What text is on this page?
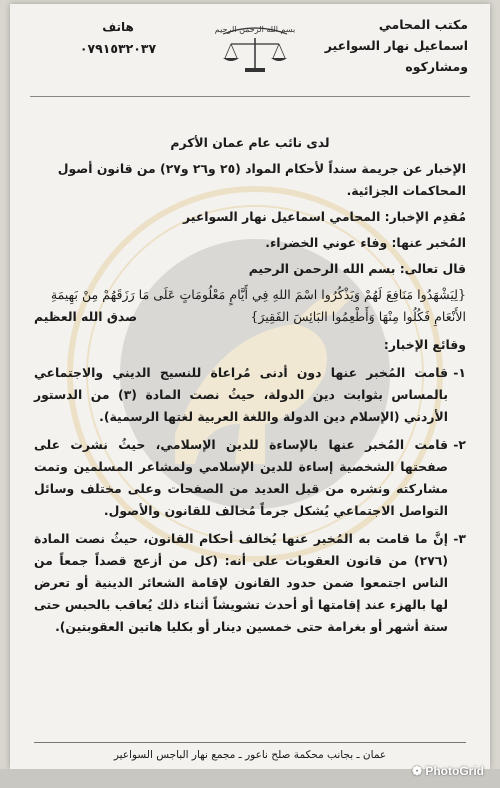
مكتب المحامي
اسماعيل نهار السواعير
ومشاركوه
بسم الله الرحمن الرحيم
هاتف
٠٧٩١٥٣٢٠٣٧

لدى نائب عام عمان الأكرم

الإخبار عن جريمة سنداً لأحكام المواد (٢٥ و٢٦ و٢٧) من قانون أصول المحاكمات الجزائية.

مُقدِم الإخبار: المحامي اسماعيل نهار السواعير

المُخبر عنها: وفاء عوني الخضراء.

قال تعالى: بسم الله الرحمن الرحيم

{لِيَشْهَدُوا مَنَافِعَ لَهُمْ وَيَذْكُرُوا اسْمَ اللهِ فِي أَيَّامٍ مَعْلُومَاتٍ عَلَى مَا رَزَقَهُمْ مِنْ بَهِيمَةِ الأَنْعَامِ فَكُلُوا مِنْهَا وَأَطْعِمُوا البَائِسَ الفَقِيرَ}

صدق الله العظيم

وقائع الإخبار:

١-
قامت المُخبر عنها دون أدنى مُراعاة للنسيج الديني والاجتماعي بالمساس بثوابت دين الدولة، حيثُ نصت المادة (٣) من الدستور الأردني (الإسلام دين الدولة واللغة العربية لغتها الرسمية).
٢-
قامت المُخبر عنها بالإساءة للدين الإسلامي، حيثُ نشرت على صفحتها الشخصية إساءة للدين الإسلامي ولمشاعر المسلمين وتمت مشاركته ونشره من قبل العديد من الصفحات وعلى مختلف وسائل التواصل الاجتماعي يُشكل جرماً مُخالف للقانون والأصول.
٣-
إنَّ ما قامت به المُخبر عنها يُخالف أحكام القانون، حيثُ نصت المادة (٢٧٦) من قانون العقوبات على أنه: (كل من أزعج قصداً جمعاً من الناس اجتمعوا ضمن حدود القانون لإقامة الشعائر الدينية أو تعرض لها بالهزء عند إقامتها أو أحدث تشويشاً أثناء ذلك يُعاقب بالحبس حتى ستة أشهر أو بغرامة حتى خمسين دينار أو بكليا هاتين العقوبتين).
عمان ـ بجانب محكمة صلح ناعور ـ مجمع نهار الباجس السواعير
❁ PhotoGrid
